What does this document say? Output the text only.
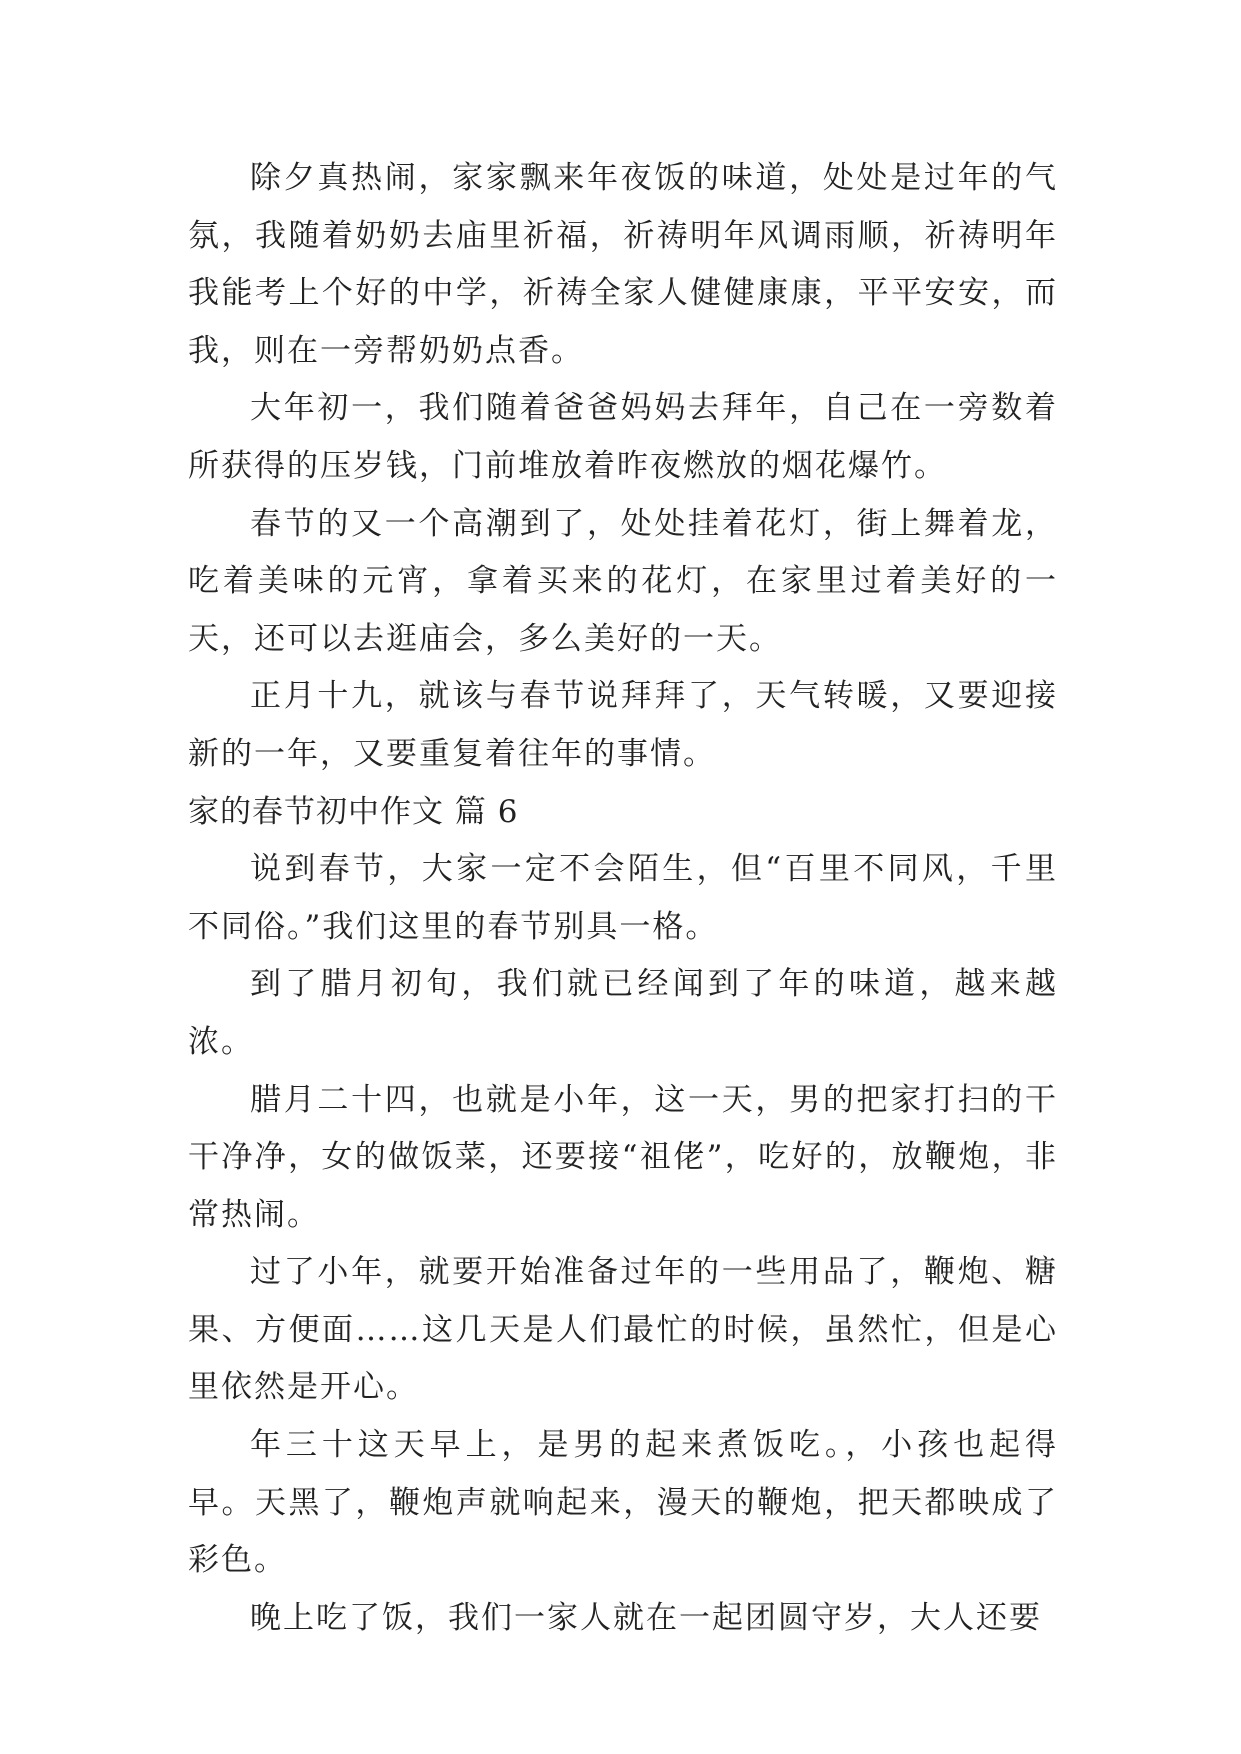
除夕真热闹，家家飘来年夜饭的味道，处处是过年的气氛，我随着奶奶去庙里祈福，祈祷明年风调雨顺，祈祷明年我能考上个好的中学，祈祷全家人健健康康，平平安安，而我，则在一旁帮奶奶点香。

大年初一，我们随着爸爸妈妈去拜年，自己在一旁数着所获得的压岁钱，门前堆放着昨夜燃放的烟花爆竹。

春节的又一个高潮到了，处处挂着花灯，街上舞着龙，吃着美味的元宵，拿着买来的花灯，在家里过着美好的一天，还可以去逛庙会，多么美好的一天。

正月十九，就该与春节说拜拜了，天气转暖，又要迎接新的一年，又要重复着往年的事情。

家的春节初中作文 篇 6

说到春节，大家一定不会陌生，但“百里不同风，千里不同俗。”我们这里的春节别具一格。

到了腊月初旬，我们就已经闻到了年的味道，越来越浓。

腊月二十四，也就是小年，这一天，男的把家打扫的干干净净，女的做饭菜，还要接“祖佬”，吃好的，放鞭炮，非常热闹。

过了小年，就要开始准备过年的一些用品了，鞭炮、糖果、方便面……这几天是人们最忙的时候，虽然忙，但是心里依然是开心。

年三十这天早上，是男的起来煮饭吃。，小孩也起得早。天黑了，鞭炮声就响起来，漫天的鞭炮，把天都映成了彩色。

晚上吃了饭，我们一家人就在一起团圆守岁，大人还要
